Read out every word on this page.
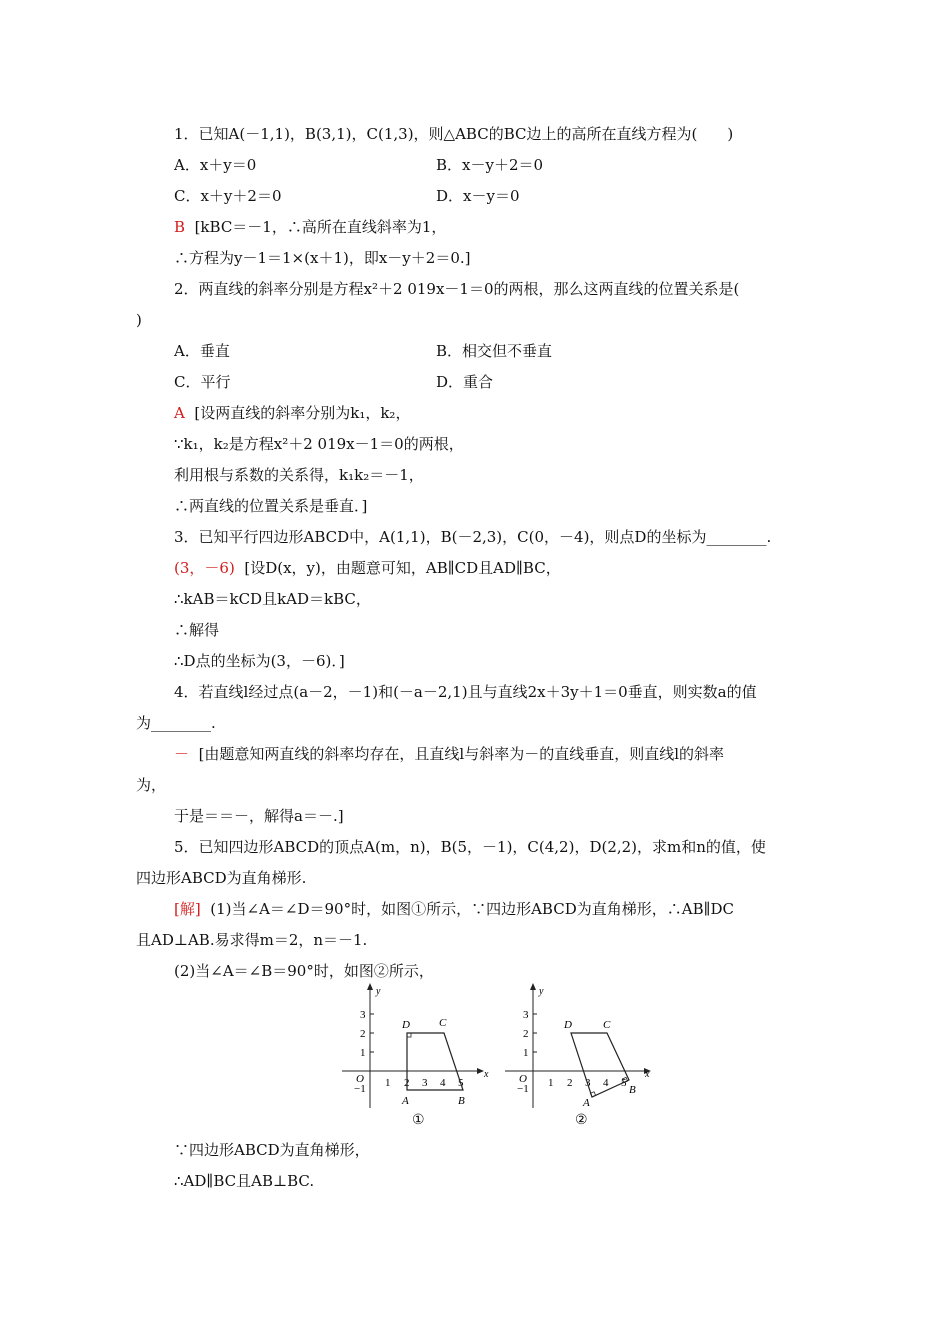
1．已知A(－1,1)，B(3,1)，C(1,3)，则△ABC的BC边上的高所在直线方程为(　　)
A．x＋y＝0	B．x－y＋2＝0
C．x＋y＋2＝0	D．x－y＝0
B [kBC＝－1，∴高所在直线斜率为1，
∴方程为y－1＝1×(x＋1)，即x－y＋2＝0.]
2．两直线的斜率分别是方程x²＋2 019x－1＝0的两根，那么这两直线的位置关系是(
)
A．垂直	B．相交但不垂直
C．平行	D．重合
A [设两直线的斜率分别为k₁，k₂，
∵k₁，k₂是方程x²＋2 019x－1＝0的两根，
利用根与系数的关系得，k₁k₂＝－1，
∴两直线的位置关系是垂直．]
3．已知平行四边形ABCD中，A(1,1)，B(－2,3)，C(0，－4)，则点D的坐标为________.
(3，－6) [设D(x，y)，由题意可知，AB∥CD且AD∥BC，
∴kAB＝kCD且kAD＝kBC，
∴解得
∴D点的坐标为(3，－6)．]
4．若直线l经过点(a－2，－1)和(－a－2,1)且与直线2x＋3y＋1＝0垂直，则实数a的值
为________.
－ [由题意知两直线的斜率均存在，且直线l与斜率为－的直线垂直，则直线l的斜率
为，
于是＝＝－，解得a＝－.]
5．已知四边形ABCD的顶点A(m，n)，B(5，－1)，C(4,2)，D(2,2)，求m和n的值，使
四边形ABCD为直角梯形.
[解] (1)当∠A＝∠D＝90°时，如图①所示，∵四边形ABCD为直角梯形，∴AB∥DC
且AD⊥AB.易求得m＝2，n＝－1.
(2)当∠A＝∠B＝90°时，如图②所示，
x
y
O 1 2 3 4 5
3
2
1
−1
A	B
C
D
①
x
y
O 1 2 3 4 5
3
2
1
−1
A
B
C
D
②
∵四边形ABCD为直角梯形，
∴AD∥BC且AB⊥BC.
